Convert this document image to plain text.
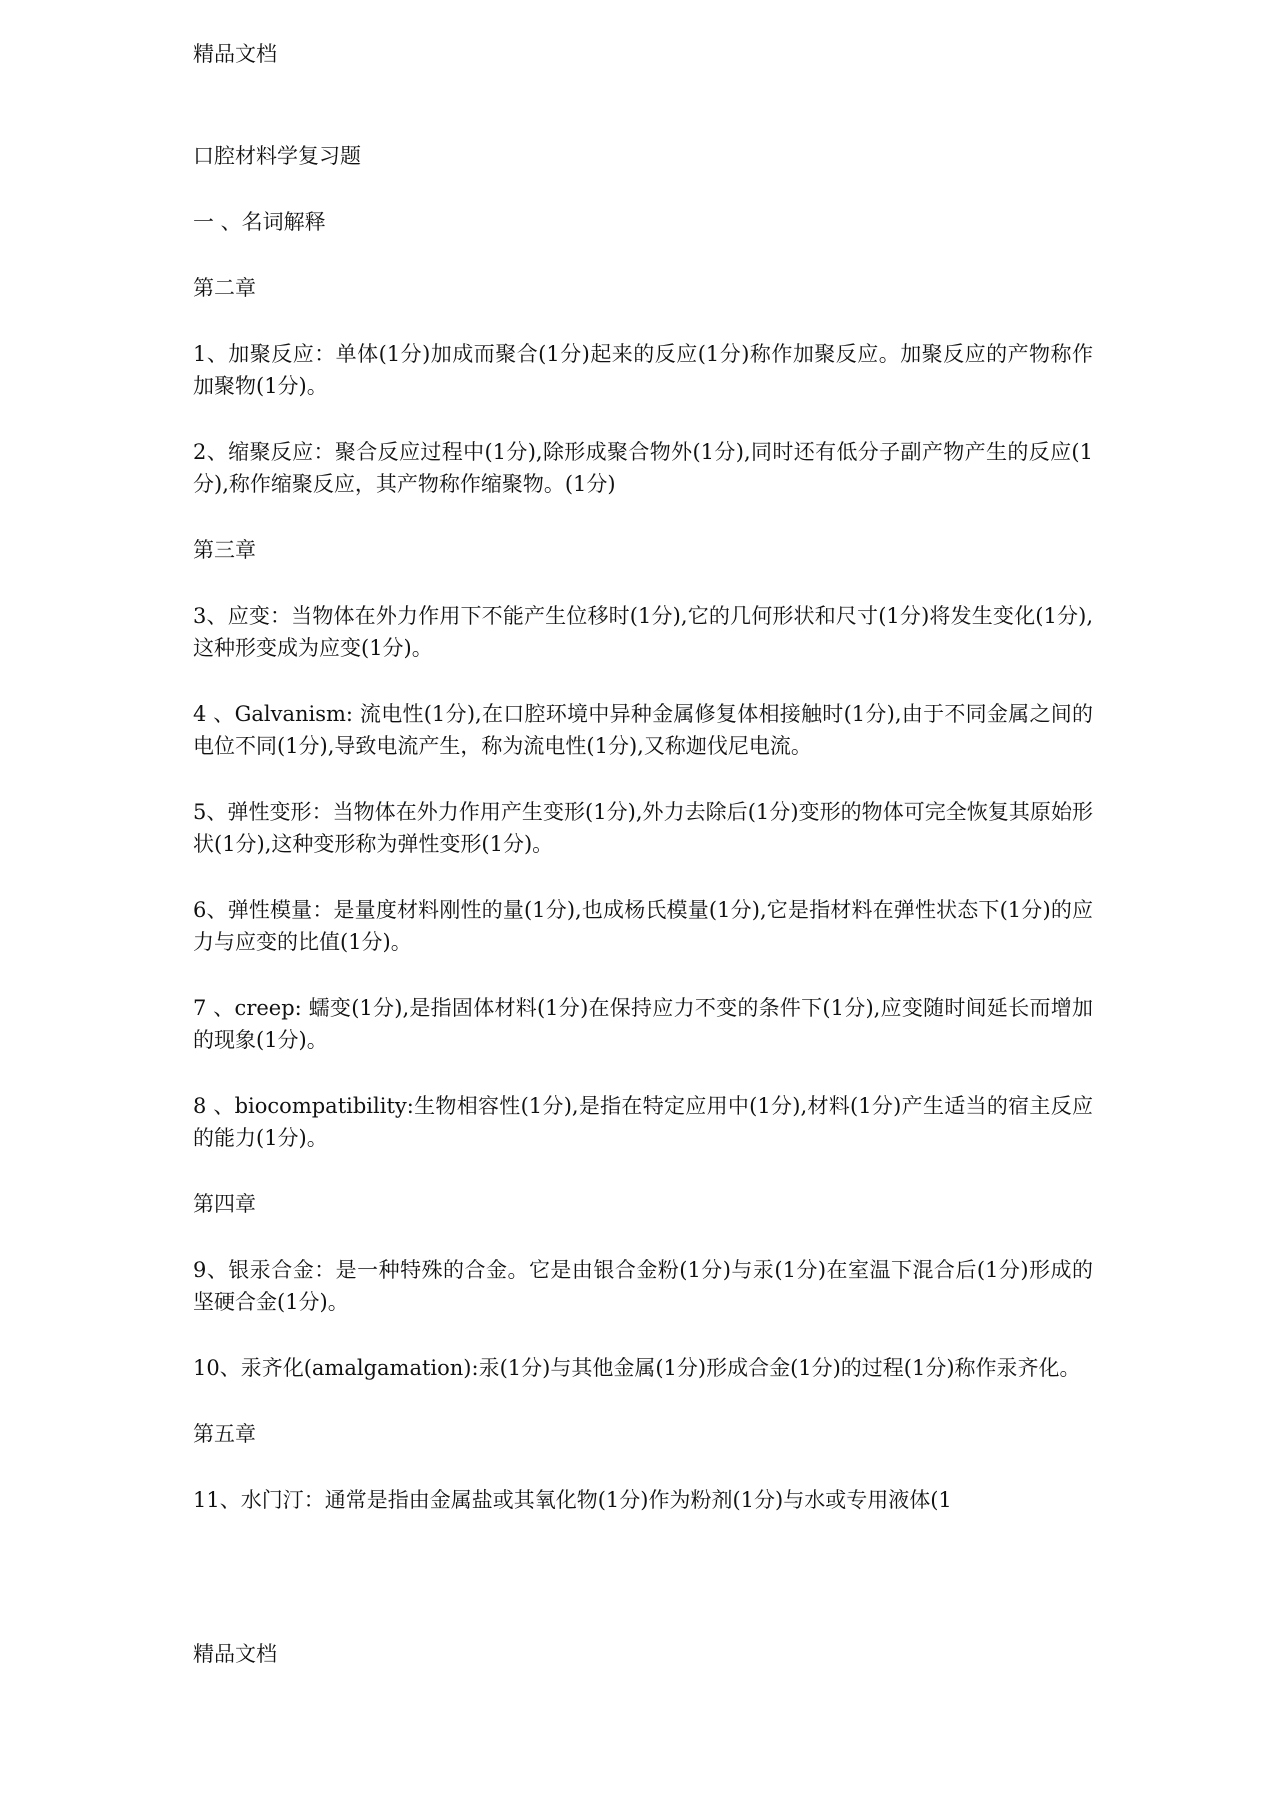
精品文档
口腔材料学复习题
一 、名词解释
第二章
1、加聚反应：单体(1分)加成而聚合(1分)起来的反应(1分)称作加聚反应。加聚反应的产物称作加聚物(1分)。
2、缩聚反应：聚合反应过程中(1分),除形成聚合物外(1分),同时还有低分子副产物产生的反应(1分),称作缩聚反应，其产物称作缩聚物。(1分)
第三章
3、应变：当物体在外力作用下不能产生位移时(1分),它的几何形状和尺寸(1分)将发生变化(1分),这种形变成为应变(1分)。
4 、Galvanism: 流电性(1分),在口腔环境中异种金属修复体相接触时(1分),由于不同金属之间的电位不同(1分),导致电流产生，称为流电性(1分),又称迦伐尼电流。
5、弹性变形：当物体在外力作用产生变形(1分),外力去除后(1分)变形的物体可完全恢复其原始形状(1分),这种变形称为弹性变形(1分)。
6、弹性模量：是量度材料刚性的量(1分),也成杨氏模量(1分),它是指材料在弹性状态下(1分)的应力与应变的比值(1分)。
7 、creep: 蠕变(1分),是指固体材料(1分)在保持应力不变的条件下(1分),应变随时间延长而增加的现象(1分)。
8 、biocompatibility:生物相容性(1分),是指在特定应用中(1分),材料(1分)产生适当的宿主反应的能力(1分)。
第四章
9、银汞合金：是一种特殊的合金。它是由银合金粉(1分)与汞(1分)在室温下混合后(1分)形成的坚硬合金(1分)。
10、汞齐化(amalgamation):汞(1分)与其他金属(1分)形成合金(1分)的过程(1分)称作汞齐化。
第五章
11、水门汀：通常是指由金属盐或其氧化物(1分)作为粉剂(1分)与水或专用液体(1
精品文档
